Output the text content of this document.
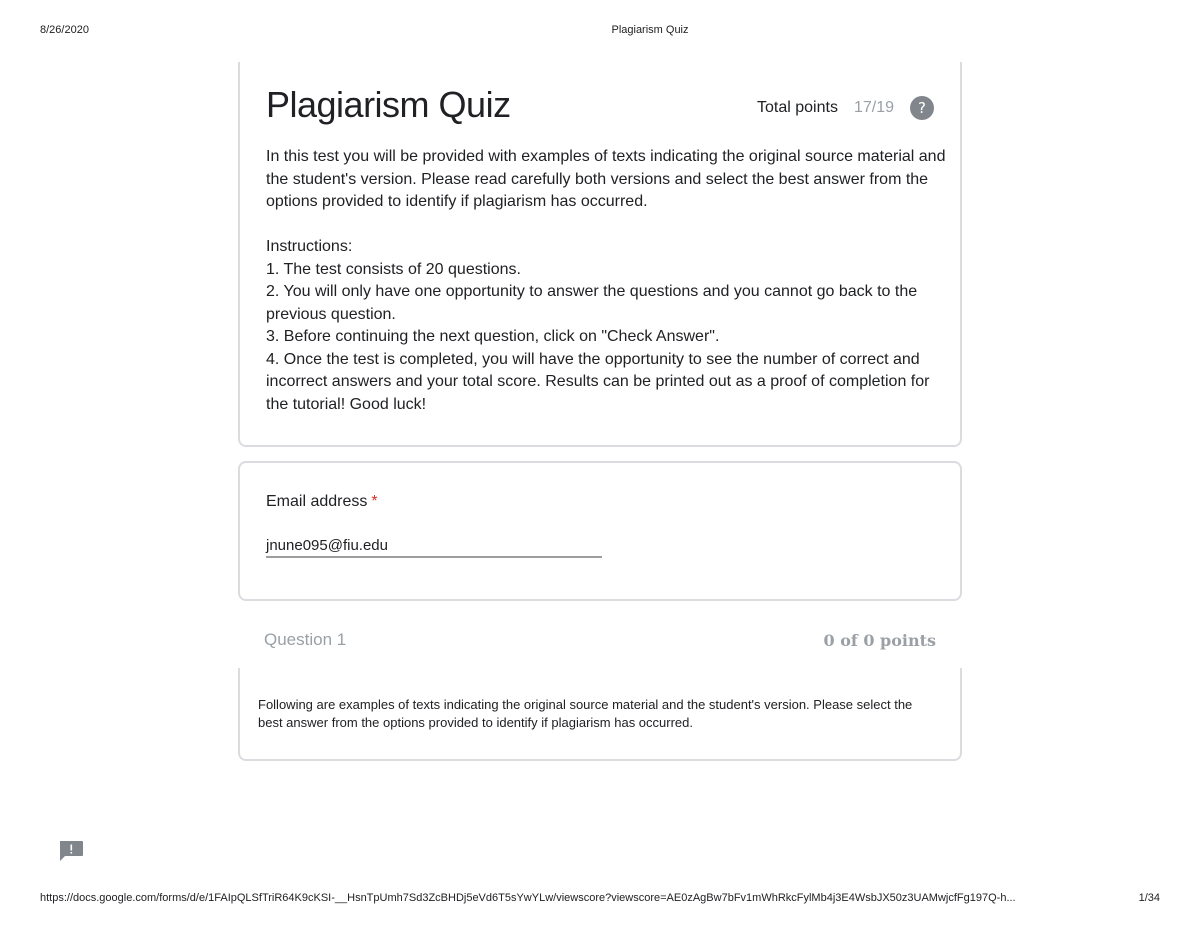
8/26/2020	Plagiarism Quiz
Plagiarism Quiz	Total points 17/19	?

In this test you will be provided with examples of texts indicating the original source material and the student's version. Please read carefully both versions and select the best answer from the options provided to identify if plagiarism has occurred.

Instructions:

1. The test consists of 20 questions.

2. You will only have one opportunity to answer the questions and you cannot go back to the previous question.

3. Before continuing the next question, click on "Check Answer".

4. Once the test is completed, you will have the opportunity to see the number of correct and incorrect answers and your total score. Results can be printed out as a proof of completion for the tutorial! Good luck!

Email address *
jnune095@fiu.edu
Question 1	0 of 0 points
Following are examples of texts indicating the original source material and the student's version. Please select the best answer from the options provided to identify if plagiarism has occurred.
https://docs.google.com/forms/d/e/1FAIpQLSfTriR64K9cKSI-__HsnTpUmh7Sd3ZcBHDj5eVd6T5sYwYLw/viewscore?viewscore=AE0zAgBw7bFv1mWhRkcFylMb4j3E4WsbJX50z3UAMwjcfFg197Q-h...	1/34
